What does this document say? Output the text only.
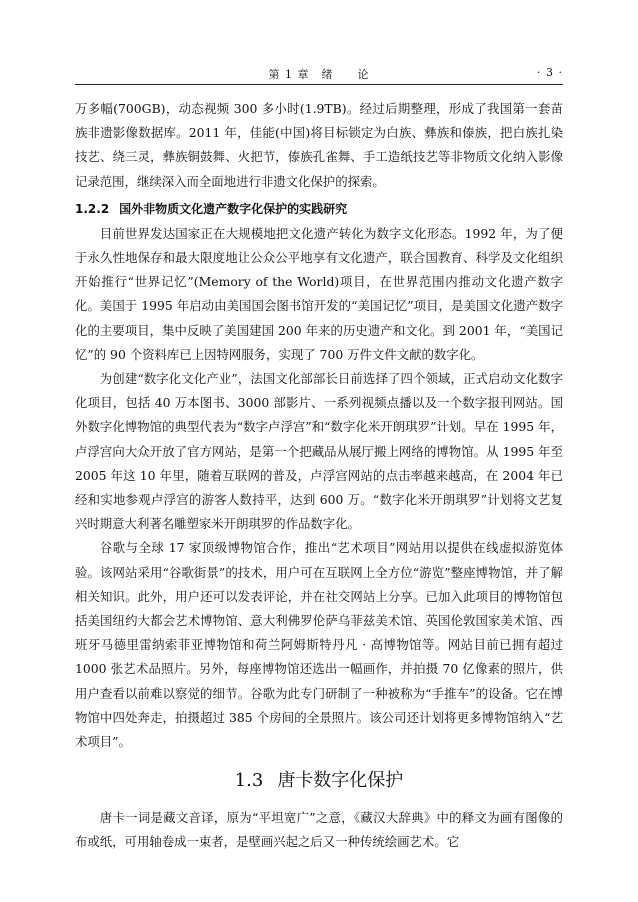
第 1 章　绪　　论	· 3 ·

万多幅(700GB)，动态视频 300 多小时(1.9TB)。经过后期整理，形成了我国第一套苗族非遗影像数据库。2011 年，佳能(中国)将目标锁定为白族、彝族和傣族，把白族扎染技艺、绕三灵，彝族铜鼓舞、火把节，傣族孔雀舞、手工造纸技艺等非物质文化纳入影像记录范围，继续深入而全面地进行非遗文化保护的探索。

1.2.2 国外非物质文化遗产数字化保护的实践研究

目前世界发达国家正在大规模地把文化遗产转化为数字文化形态。1992 年，为了便于永久性地保存和最大限度地让公众公平地享有文化遗产，联合国教育、科学及文化组织开始推行“世界记忆”(Memory of the World)项目，在世界范围内推动文化遗产数字化。美国于 1995 年启动由美国国会图书馆开发的“美国记忆”项目，是美国文化遗产数字化的主要项目，集中反映了美国建国 200 年来的历史遗产和文化。到 2001 年，“美国记忆”的 90 个资料库已上因特网服务，实现了 700 万件文件文献的数字化。

为创建“数字化文化产业”，法国文化部部长日前选择了四个领域，正式启动文化数字化项目，包括 40 万本图书、3000 部影片、一系列视频点播以及一个数字报刊网站。国外数字化博物馆的典型代表为“数字卢浮宫”和“数字化米开朗琪罗”计划。早在 1995 年，卢浮宫向大众开放了官方网站，是第一个把藏品从展厅搬上网络的博物馆。从 1995 年至 2005 年这 10 年里，随着互联网的普及，卢浮宫网站的点击率越来越高，在 2004 年已经和实地参观卢浮宫的游客人数持平，达到 600 万。“数字化米开朗琪罗”计划将文艺复兴时期意大利著名雕塑家米开朗琪罗的作品数字化。

谷歌与全球 17 家顶级博物馆合作，推出“艺术项目”网站用以提供在线虚拟游览体验。该网站采用“谷歌街景”的技术，用户可在互联网上全方位“游览”整座博物馆，并了解相关知识。此外，用户还可以发表评论，并在社交网站上分享。已加入此项目的博物馆包括美国纽约大都会艺术博物馆、意大利佛罗伦萨乌菲兹美术馆、英国伦敦国家美术馆、西班牙马德里雷纳索菲亚博物馆和荷兰阿姆斯特丹凡 · 高博物馆等。网站目前已拥有超过 1000 张艺术品照片。另外，每座博物馆还选出一幅画作，并拍摄 70 亿像素的照片，供用户查看以前难以察觉的细节。谷歌为此专门研制了一种被称为“手推车”的设备。它在博物馆中四处奔走，拍摄超过 385 个房间的全景照片。该公司还计划将更多博物馆纳入“艺术项目”。

1.3 唐卡数字化保护

唐卡一词是藏文音译，原为“平坦宽广”之意，《藏汉大辞典》中的释文为画有图像的布或纸，可用轴卷成一束者，是壁画兴起之后又一种传统绘画艺术。它
